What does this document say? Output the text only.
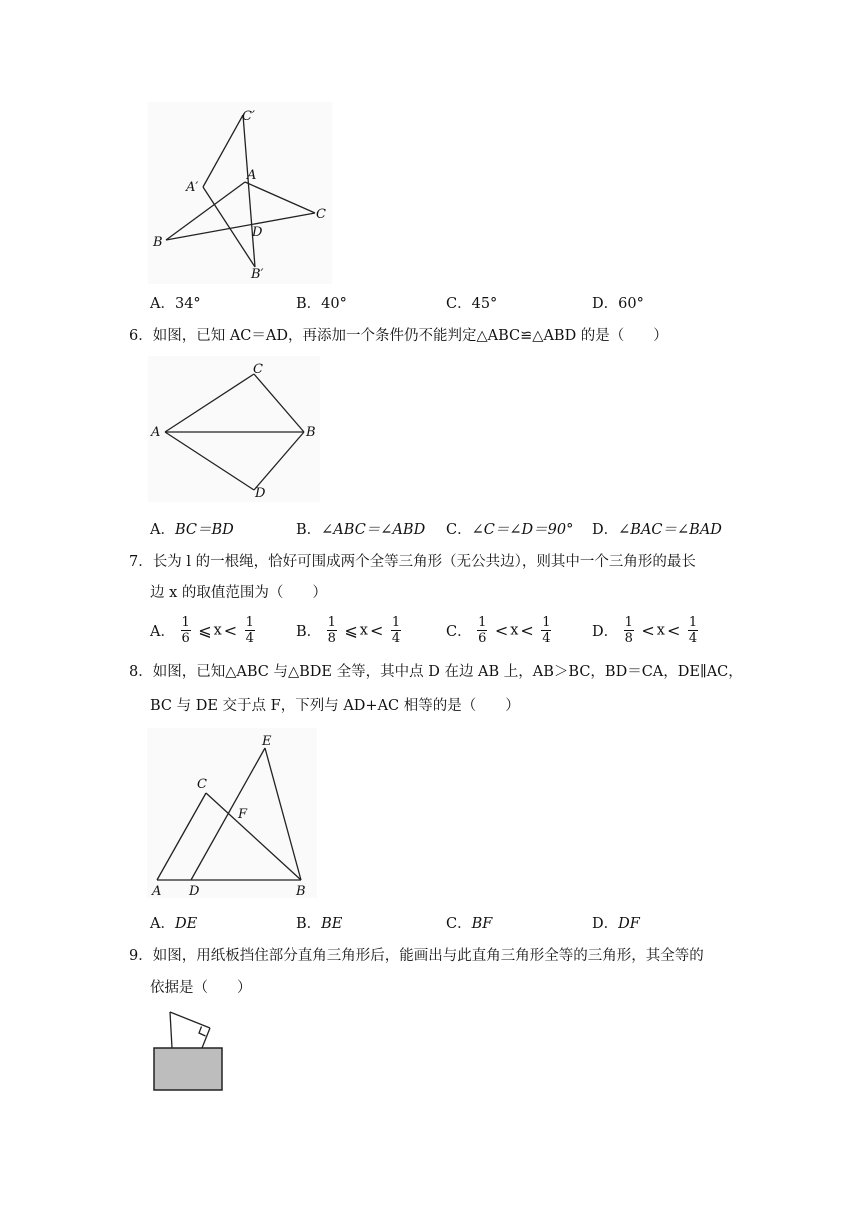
C′
A′
A
C
B
D
B′
A．34°	B．40°	C．45°	D．60°
6．如图，已知 AC＝AD，再添加一个条件仍不能判定△ABC≌△ABD 的是（　　）
C
A	B
D
A．BC＝BD	B．∠ABC＝∠ABD C．∠C＝∠D＝90° D．∠BAC＝∠BAD
7．长为 l 的一根绳，恰好可围成两个全等三角形（无公共边），则其中一个三角形的最长
边 x 的取值范围为（　　）
A． $\frac{1}{6}$ ⩽ $x < \frac{1}{4}$	B． $\frac{1}{8}$ ⩽ $x < \frac{1}{4}$	C． $\frac{1}{6} < x < \frac{1}{4}$	D． $\frac{1}{8} < x < \frac{1}{4}$
8．如图，已知△ABC 与△BDE 全等，其中点 D 在边 AB 上，AB＞BC，BD＝CA，DE∥AC，
BC 与 DE 交于点 F，下列与 AD+AC 相等的是（　　）
E
C
F
A D	B
A．DE	B．BE	C．BF	D．DF
9．如图，用纸板挡住部分直角三角形后，能画出与此直角三角形全等的三角形，其全等的
依据是（　　）
